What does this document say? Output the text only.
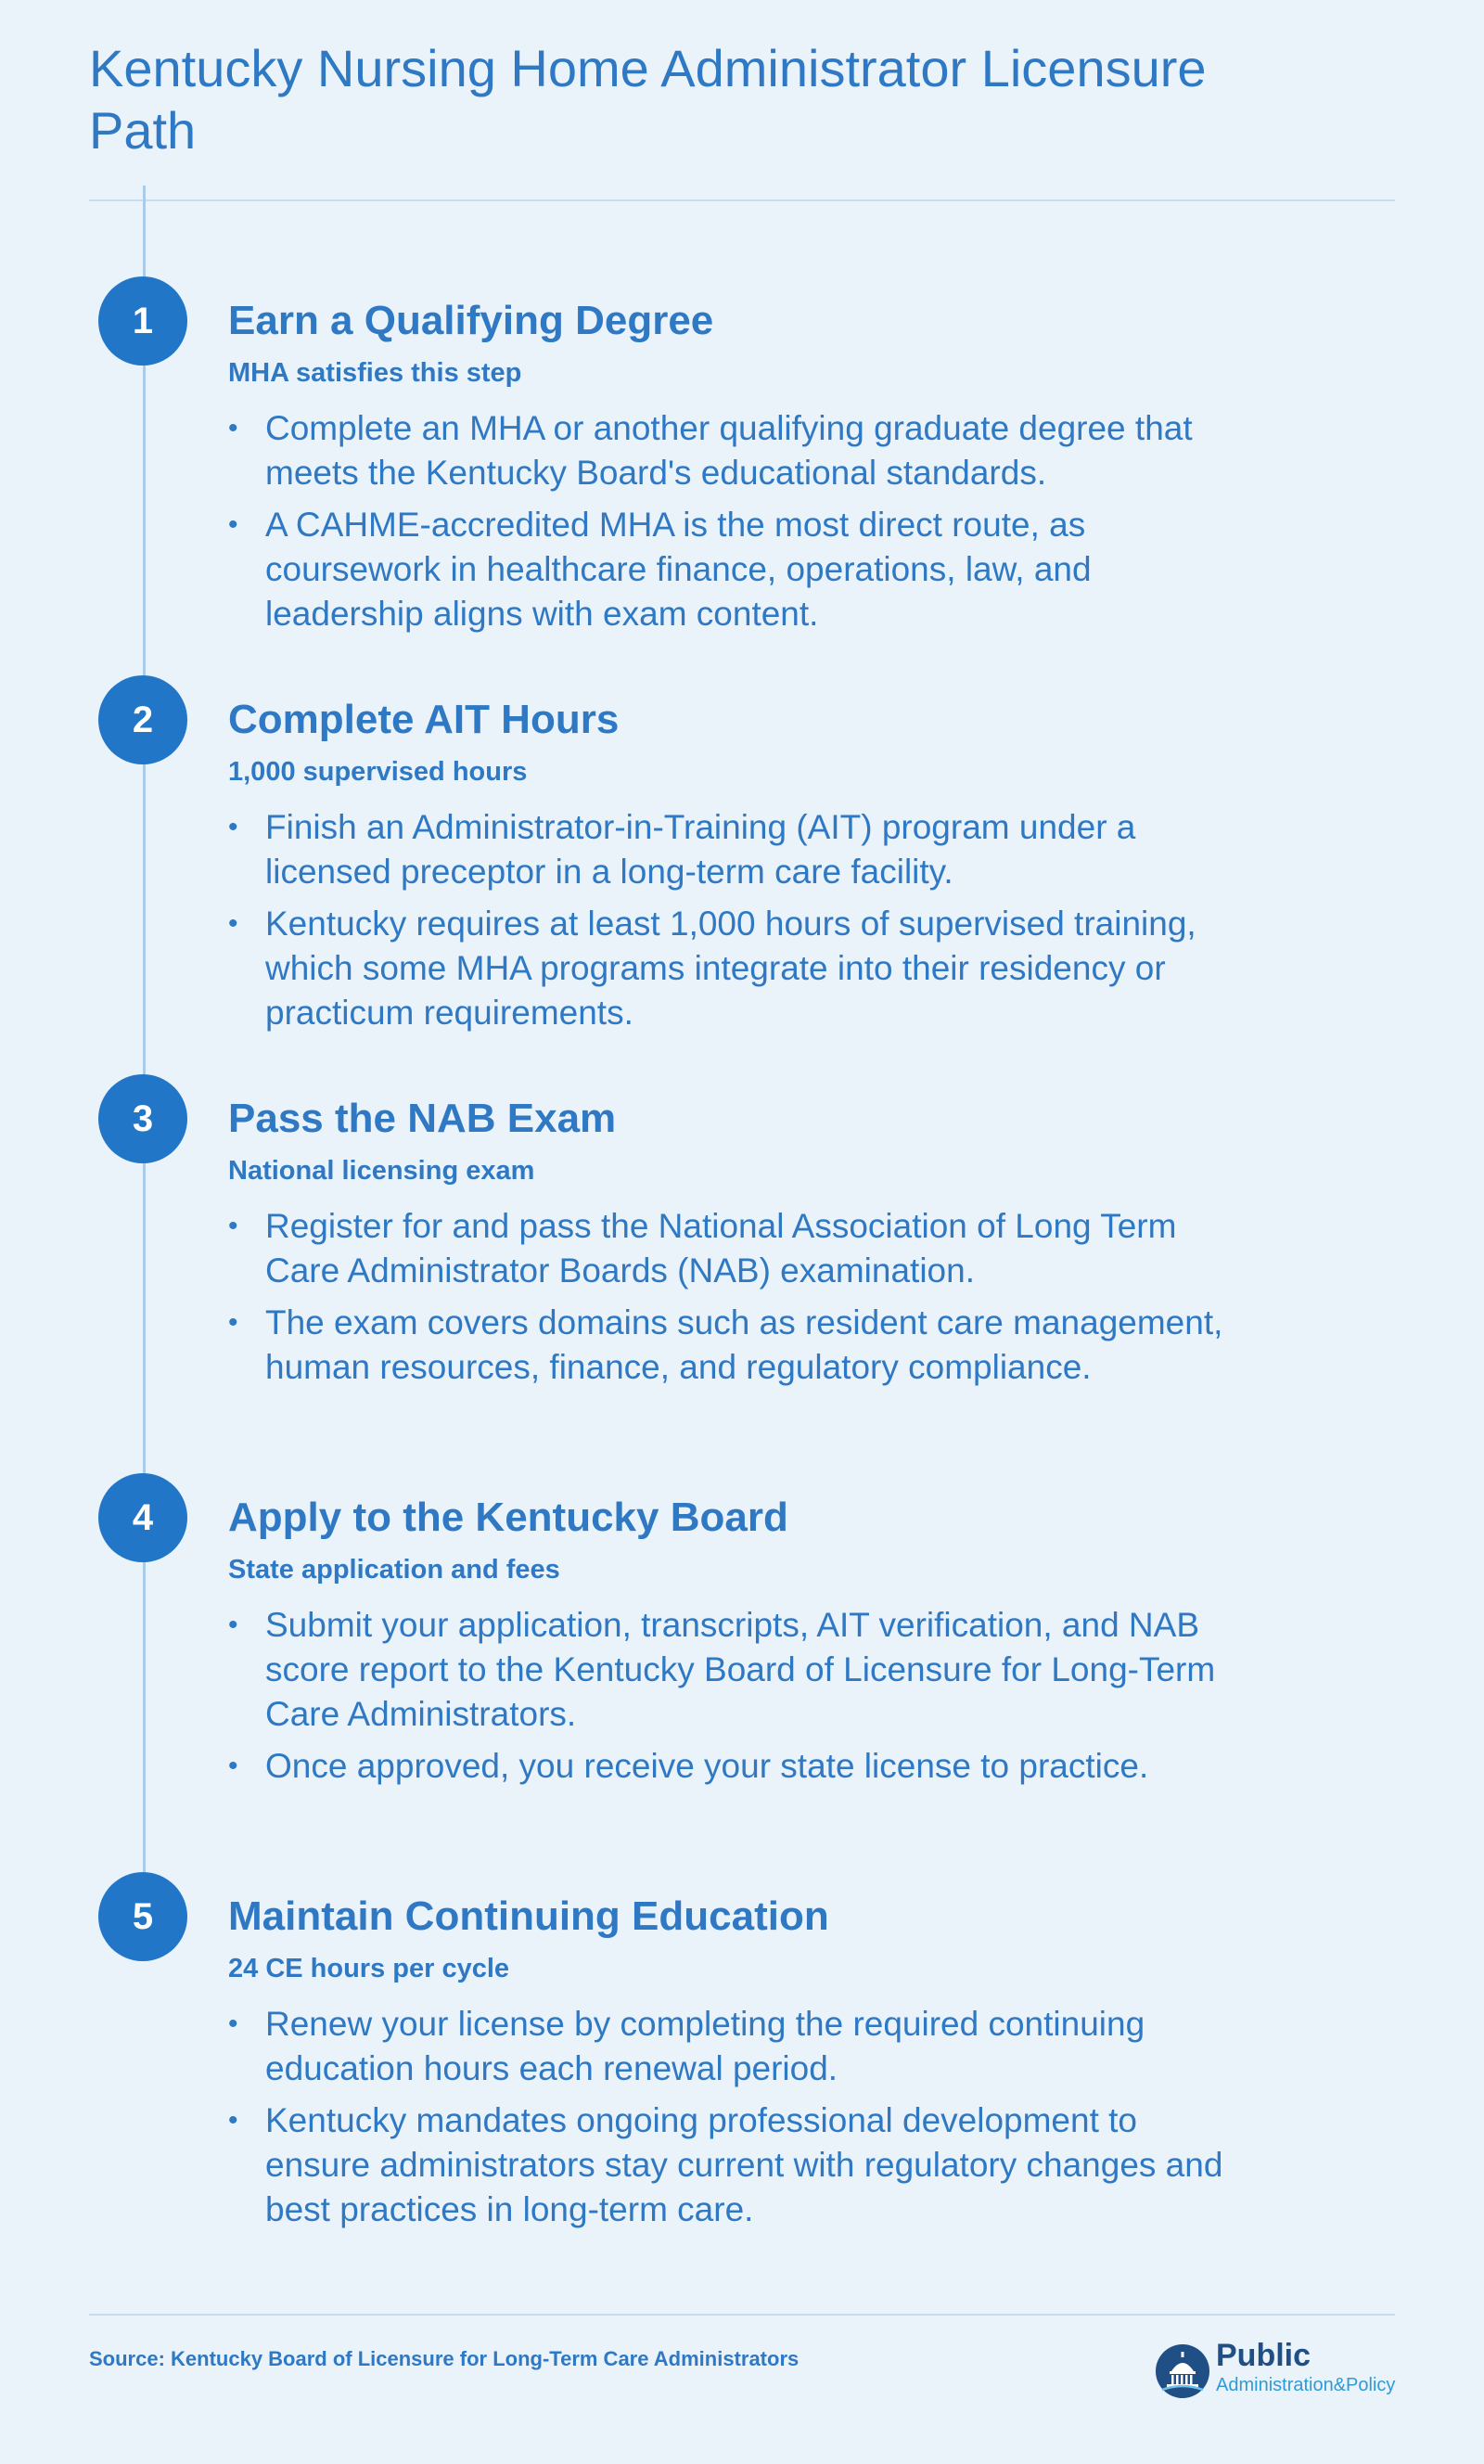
Kentucky Nursing Home Administrator Licensure Path
1	Earn a Qualifying Degree
MHA satisfies this step
• Complete an MHA or another qualifying graduate degree that meets the Kentucky Board's educational standards.
• A CAHME-accredited MHA is the most direct route, as coursework in healthcare finance, operations, law, and leadership aligns with exam content.
2	Complete AIT Hours
1,000 supervised hours
• Finish an Administrator-in-Training (AIT) program under a licensed preceptor in a long-term care facility.
• Kentucky requires at least 1,000 hours of supervised training, which some MHA programs integrate into their residency or practicum requirements.
3	Pass the NAB Exam
National licensing exam
• Register for and pass the National Association of Long Term Care Administrator Boards (NAB) examination.
• The exam covers domains such as resident care management, human resources, finance, and regulatory compliance.
4	Apply to the Kentucky Board
State application and fees
• Submit your application, transcripts, AIT verification, and NAB score report to the Kentucky Board of Licensure for Long-Term Care Administrators.
• Once approved, you receive your state license to practice.
5	Maintain Continuing Education
24 CE hours per cycle
• Renew your license by completing the required continuing education hours each renewal period.
• Kentucky mandates ongoing professional development to ensure administrators stay current with regulatory changes and best practices in long-term care.
Source: Kentucky Board of Licensure for Long-Term Care Administrators	Public
Administration&Policy
